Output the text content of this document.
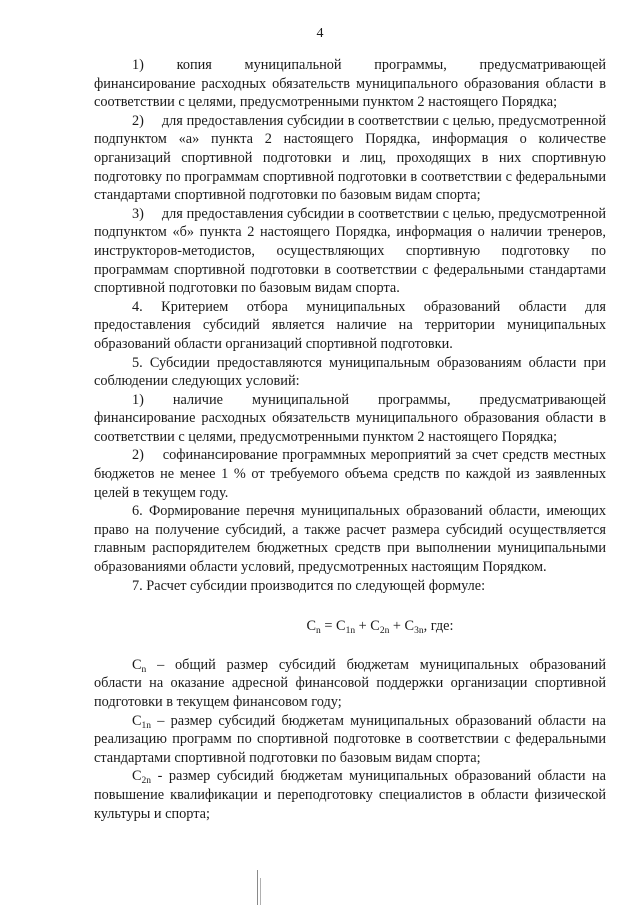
4

1)  копия  муниципальной  программы,  предусматривающей финансирование расходных обязательств муниципального образования области в соответствии с целями, предусмотренными пунктом 2 настоящего Порядка;

2)  для предоставления субсидии в соответствии с целью, предусмотренной подпунктом «а» пункта 2 настоящего Порядка, информация о количестве организаций спортивной подготовки и лиц, проходящих в них спортивную подготовку по программам спортивной подготовки в соответствии с федеральными стандартами спортивной подготовки по базовым видам спорта;

3)  для предоставления субсидии в соответствии с целью, предусмотренной подпунктом «б» пункта 2 настоящего Порядка, информация о наличии тренеров, инструкторов-методистов, осуществляющих спортивную подготовку по программам спортивной подготовки в соответствии с федеральными стандартами спортивной подготовки по базовым видам спорта.

4. Критерием отбора муниципальных образований области для предоставления субсидий является наличие на территории муниципальных образований области организаций спортивной подготовки.

5. Субсидии предоставляются муниципальным образованиям области при соблюдении следующих условий:

1)  наличие  муниципальной  программы,  предусматривающей финансирование расходных обязательств муниципального образования области в соответствии с целями, предусмотренными пунктом 2 настоящего Порядка;

2)  софинансирование программных мероприятий за счет средств местных бюджетов не менее 1 % от требуемого объема средств по каждой из заявленных целей в текущем году.

6. Формирование перечня муниципальных образований области, имеющих право на получение субсидий, а также расчет размера субсидий осуществляется главным распорядителем бюджетных средств при выполнении муниципальными образованиями области условий, предусмотренных настоящим Порядком.

7. Расчет субсидии производится по следующей формуле:

$C_n = C_{1n} + C_{2n} + C_{3n}$, где:

$C_n$ – общий размер субсидий бюджетам муниципальных образований области на оказание адресной финансовой поддержки организации спортивной подготовки в текущем финансовом году;

$C_{1n}$ – размер субсидий бюджетам муниципальных образований области на реализацию программ по спортивной подготовке в соответствии с федеральными стандартами спортивной подготовки по базовым видам спорта;

$C_{2n}$ - размер субсидий бюджетам муниципальных образований области на повышение квалификации и переподготовку специалистов в области физической культуры и спорта;
